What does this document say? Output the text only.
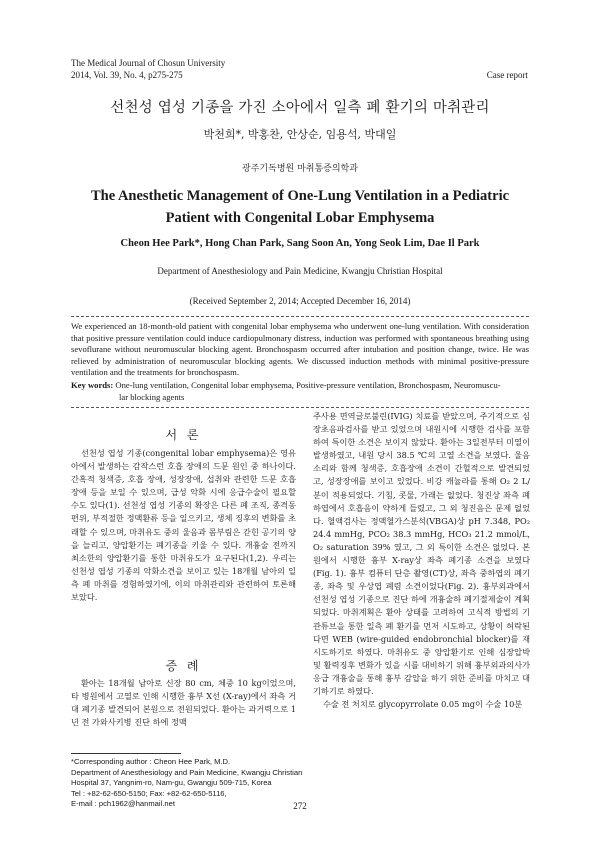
The Medical Journal of Chosun University
2014, Vol. 39, No. 4, p275-275	Case report
선천성 엽성 기종을 가진 소아에서 일측 폐 환기의 마취관리
박천희*, 박홍찬, 안상순, 임용석, 박대일
광주기독병원 마취통증의학과
The Anesthetic Management of One-Lung Ventilation in a Pediatric
Patient with Congenital Lobar Emphysema
Cheon Hee Park*, Hong Chan Park, Sang Soon An, Yong Seok Lim, Dae Il Park
Department of Anesthesiology and Pain Medicine, Kwangju Christian Hospital
(Received September 2, 2014; Accepted December 16, 2014)
We experienced an 18-month-old patient with congenital lobar emphysema who underwent one-lung ventilation. With consideration that positive pressure ventilation could induce cardiopulmonary distress, induction was performed with spontaneous breathing using sevoflurane without neuromuscular blocking agent. Bronchospasm occurred after intubation and position change, twice. He was relieved by administration of neuromuscular blocking agents. We discussed induction methods with minimal positive-pressure ventilation and the treatments for bronchospasm.
Key words: One-lung ventilation, Congenital lobar emphysema, Positive-pressure ventilation, Bronchospasm, Neuromuscu-
lar blocking agents
서 론

선천성 엽성 기종(congenital lobar emphysema)은 영유아에서 발생하는 감작스런 호흡 장애의 드문 원인 중 하나이다. 간혹적 청색증, 호흡 장애, 성장장애, 섭취와 관련한 드문 호흡장애 등을 보일 수 있으며, 급성 악화 시에 응급수술이 필요할 수도 있다(1). 선천성 엽성 기종의 확장은 다른 폐 조직, 종격동 편위, 부적절한 정맥환류 등을 일으키고, 생체 징후의 변화를 초래할 수 있으며, 마취유도 중의 울음과 몸부림은 갇힌 공기의 양을 늘리고, 양압환기는 폐기종을 키울 수 있다. 개흉술 전까지 최소한의 양압환기를 통한 마취유도가 요구된다(1,2). 우리는 선천성 엽성 기종의 악화소견을 보이고 있는 18개월 남아의 일측 폐 마취를 경험하였기에, 이의 마취관리와 관련하여 토론해 보았다.

증 례

환아는 18개월 남아로 신장 80 cm, 체중 10 kg이었으며, 타 병원에서 고열로 인해 시행한 흉부 X선 (X-ray)에서 좌측 거대 폐기종 발견되어 본원으로 전원되었다. 환아는 과거력으로 1년 전 가와사키병 진단 하에 정맥

주사용 면역글로불린(IVIG) 치료를 받았으며, 주기적으로 심장초음파검사를 받고 있었으며 내원시에 시행한 검사를 포함하여 특이한 소견은 보이지 않았다. 환아는 3일전부터 미열이 발생하였고, 내원 당시 38.5 ℃의 고열 소견을 보였다. 울음소리와 함께 청색증, 호흡장애 소견이 간헐적으로 발견되었고, 성장장애를 보이고 있었다. 비강 캐뉼라를 통해 O₂ 2 L/분이 적용되었다. 기침, 콧물, 가래는 없었다. 청진상 좌측 폐하엽에서 호흡음이 약하게 들렸고, 그 외 청진음은 문제 없었다. 혈액검사는 정맥혈가스분석(VBGA)상 pH 7.348, PO₂ 24.4 mmHg, PCO₂ 38.3 mmHg, HCO₃ 21.2 mmol/L, O₂ saturation 39% 였고, 그 외 특이한 소견은 없었다. 본원에서 시행한 흉부 X-ray상 좌측 폐기종 소견을 보였다(Fig. 1). 흉부 컴퓨터 단층 촬영(CT)상, 좌측 중하엽의 폐기종, 좌측 및 우상엽 폐렴 소견이었다(Fig. 2). 흉부외과에서 선천성 엽성 기종으로 진단 하에 개흉술하 폐기절제술이 계획되었다. 마취계획은 환아 상태를 고려하여 고식적 방법의 기관튜브을 통한 일측 폐 환기를 먼저 시도하고, 상황이 허락된다면 WEB (wire-guided endobronchial blocker)를 재시도하기로 하였다. 마취유도 중 양압환기로 인해 심장압박 및 활력징후 변화가 있을 시를 대비하기 위해 흉부외과의사가 응급 개흉술을 통해 흉부 감압을 하기 위한 준비를 마치고 대기하기로 하였다.

수술 전 처치로 glycopyrrolate 0.05 mg이 수술 10분

*Corresponding author : Cheon Hee Park, M.D.
Department of Anesthesiology and Pain Medicine, Kwangju Christian
Hospital 37, Yangnim-ro, Nam-gu, Gwangju 509-715, Korea
Tel : +82-62-650-5150; Fax: +82-62-650-5116,
E-mail : pch1962@hanmail.net	272
